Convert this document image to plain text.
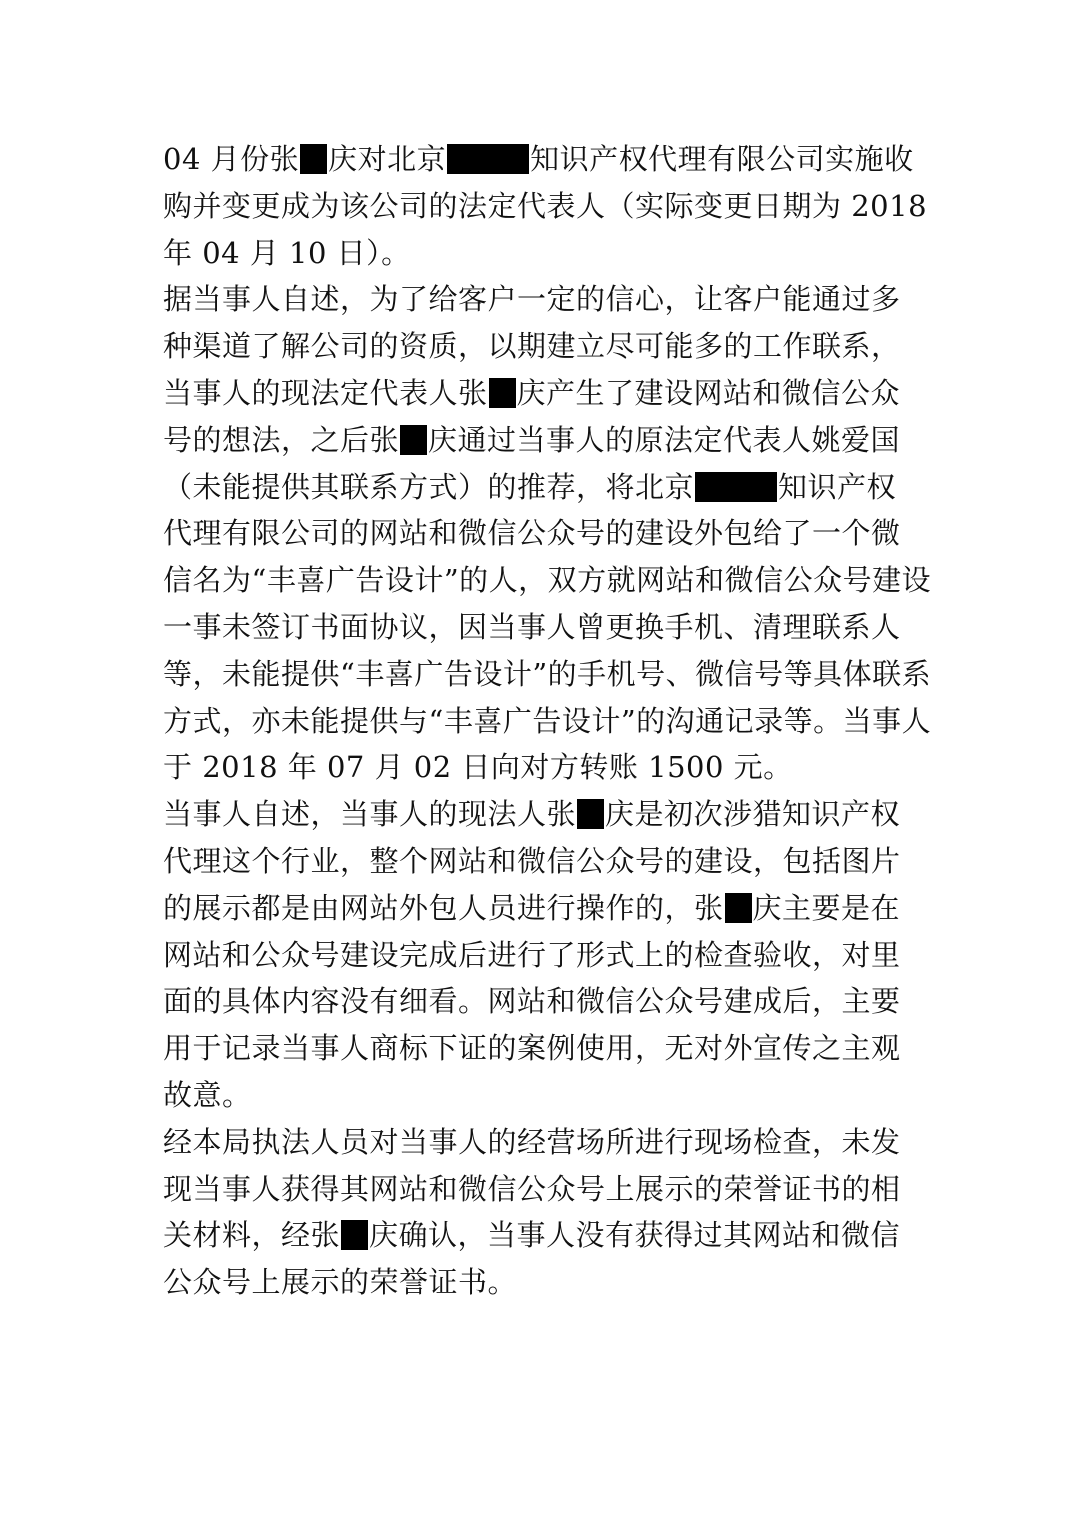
04 月份张 庆对北京	知识产权代理有限公司实施收
购并变更成为该公司的法定代表人（实际变更日期为 2018
年 04 月 10 日）。
据当事人自述，为了给客户一定的信心，让客户能通过多
种渠道了解公司的资质，以期建立尽可能多的工作联系，
当事人的现法定代表人张 庆产生了建设网站和微信公众
号的想法，之后张 庆通过当事人的原法定代表人姚爱国
（未能提供其联系方式）的推荐，将北京	知识产权
代理有限公司的网站和微信公众号的建设外包给了一个微
信名为“丰喜广告设计”的人，双方就网站和微信公众号建设
一事未签订书面协议，因当事人曾更换手机、清理联系人
等，未能提供“丰喜广告设计”的手机号、微信号等具体联系
方式，亦未能提供与“丰喜广告设计”的沟通记录等。当事人
于 2018 年 07 月 02 日向对方转账 1500 元。
当事人自述，当事人的现法人张 庆是初次涉猎知识产权
代理这个行业，整个网站和微信公众号的建设，包括图片
的展示都是由网站外包人员进行操作的，张 庆主要是在
网站和公众号建设完成后进行了形式上的检查验收，对里
面的具体内容没有细看。网站和微信公众号建成后，主要
用于记录当事人商标下证的案例使用，无对外宣传之主观
故意。
经本局执法人员对当事人的经营场所进行现场检查，未发
现当事人获得其网站和微信公众号上展示的荣誉证书的相
关材料，经张 庆确认，当事人没有获得过其网站和微信
公众号上展示的荣誉证书。
